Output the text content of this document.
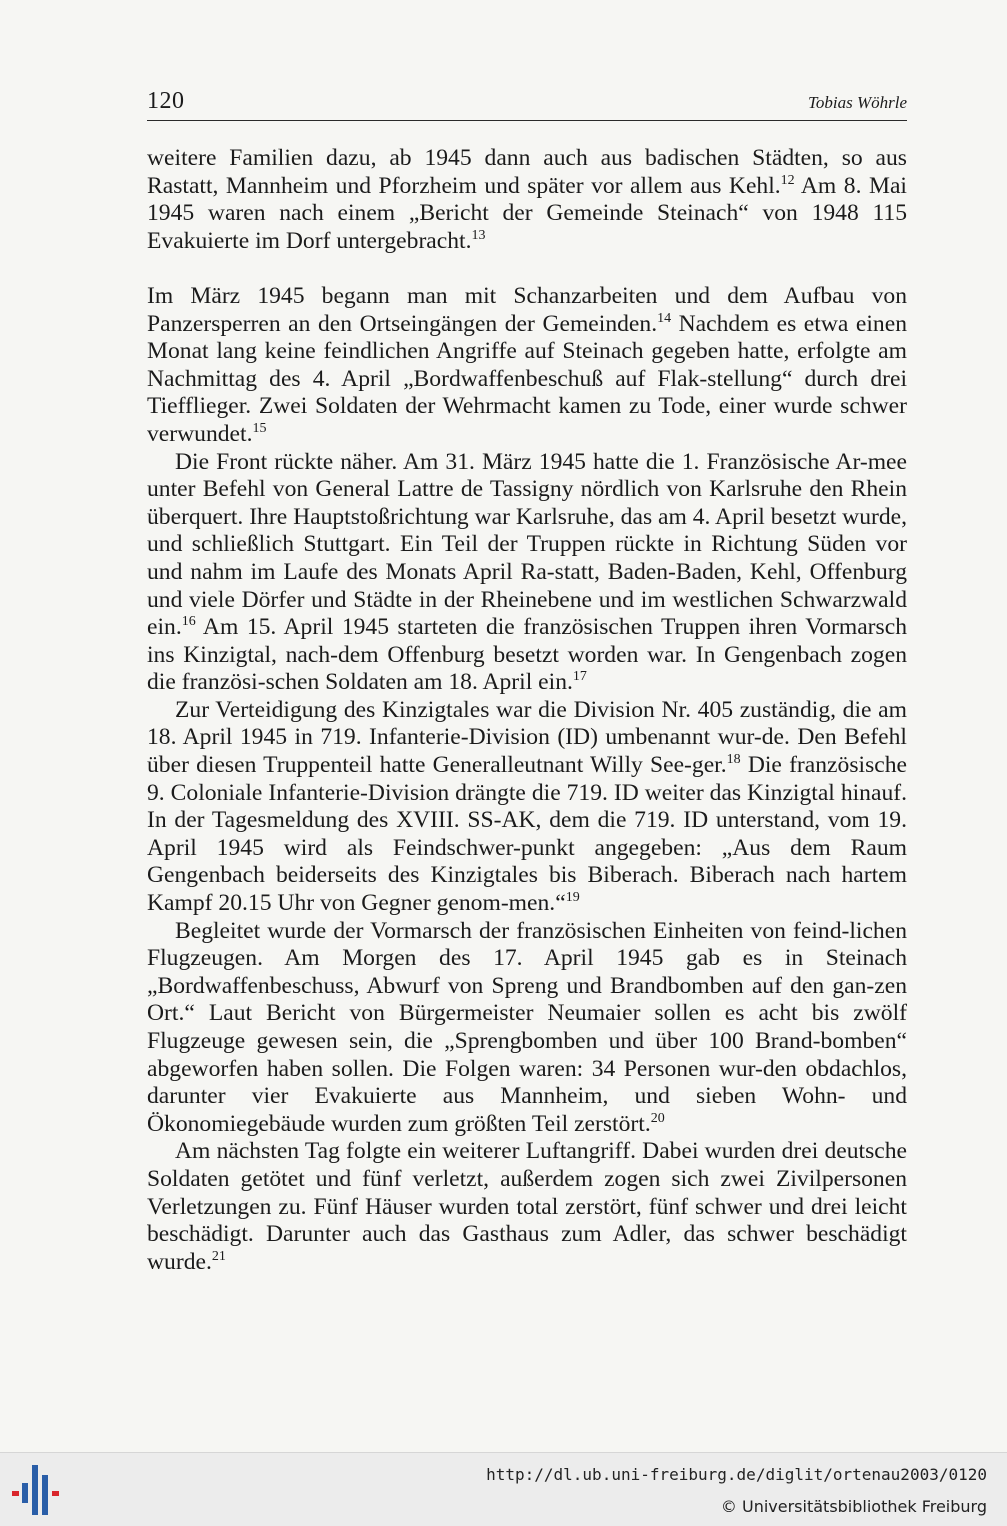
120	Tobias Wöhrle

weitere Familien dazu, ab 1945 dann auch aus badischen Städten, so aus Rastatt, Mannheim und Pforzheim und später vor allem aus Kehl.$^{12}$ Am 8. Mai 1945 waren nach einem „Bericht der Gemeinde Steinach“ von 1948 115 Evakuierte im Dorf untergebracht.$^{13}$

Im März 1945 begann man mit Schanzarbeiten und dem Aufbau von Panzersperren an den Ortseingängen der Gemeinden.$^{14}$ Nachdem es etwa einen Monat lang keine feindlichen Angriffe auf Steinach gegeben hatte, erfolgte am Nachmittag des 4. April „Bordwaffenbeschuß auf Flak-stellung“ durch drei Tiefflieger. Zwei Soldaten der Wehrmacht kamen zu Tode, einer wurde schwer verwundet.$^{15}$

Die Front rückte näher. Am 31. März 1945 hatte die 1. Französische Ar-mee unter Befehl von General Lattre de Tassigny nördlich von Karlsruhe den Rhein überquert. Ihre Hauptstoßrichtung war Karlsruhe, das am 4. April besetzt wurde, und schließlich Stuttgart. Ein Teil der Truppen rückte in Richtung Süden vor und nahm im Laufe des Monats April Ra-statt, Baden-Baden, Kehl, Offenburg und viele Dörfer und Städte in der Rheinebene und im westlichen Schwarzwald ein.$^{16}$ Am 15. April 1945 starteten die französischen Truppen ihren Vormarsch ins Kinzigtal, nach-dem Offenburg besetzt worden war. In Gengenbach zogen die französi-schen Soldaten am 18. April ein.$^{17}$

Zur Verteidigung des Kinzigtales war die Division Nr. 405 zuständig, die am 18. April 1945 in 719. Infanterie-Division (ID) umbenannt wur-de. Den Befehl über diesen Truppenteil hatte Generalleutnant Willy See-ger.$^{18}$ Die französische 9. Coloniale Infanterie-Division drängte die 719. ID weiter das Kinzigtal hinauf. In der Tagesmeldung des XVIII. SS-AK, dem die 719. ID unterstand, vom 19. April 1945 wird als Feindschwer-punkt angegeben: „Aus dem Raum Gengenbach beiderseits des Kinzigtales bis Biberach. Biberach nach hartem Kampf 20.15 Uhr von Gegner genom-men.“$^{19}$

Begleitet wurde der Vormarsch der französischen Einheiten von feind-lichen Flugzeugen. Am Morgen des 17. April 1945 gab es in Steinach „Bordwaffenbeschuss, Abwurf von Spreng und Brandbomben auf den gan-zen Ort.“ Laut Bericht von Bürgermeister Neumaier sollen es acht bis zwölf Flugzeuge gewesen sein, die „Sprengbomben und über 100 Brand-bomben“ abgeworfen haben sollen. Die Folgen waren: 34 Personen wur-den obdachlos, darunter vier Evakuierte aus Mannheim, und sieben Wohn- und Ökonomiegebäude wurden zum größten Teil zerstört.$^{20}$

Am nächsten Tag folgte ein weiterer Luftangriff. Dabei wurden drei deutsche Soldaten getötet und fünf verletzt, außerdem zogen sich zwei Zivilpersonen Verletzungen zu. Fünf Häuser wurden total zerstört, fünf schwer und drei leicht beschädigt. Darunter auch das Gasthaus zum Adler, das schwer beschädigt wurde.$^{21}$

http://dl.ub.uni-freiburg.de/diglit/ortenau2003/0120
© Universitätsbibliothek Freiburg
